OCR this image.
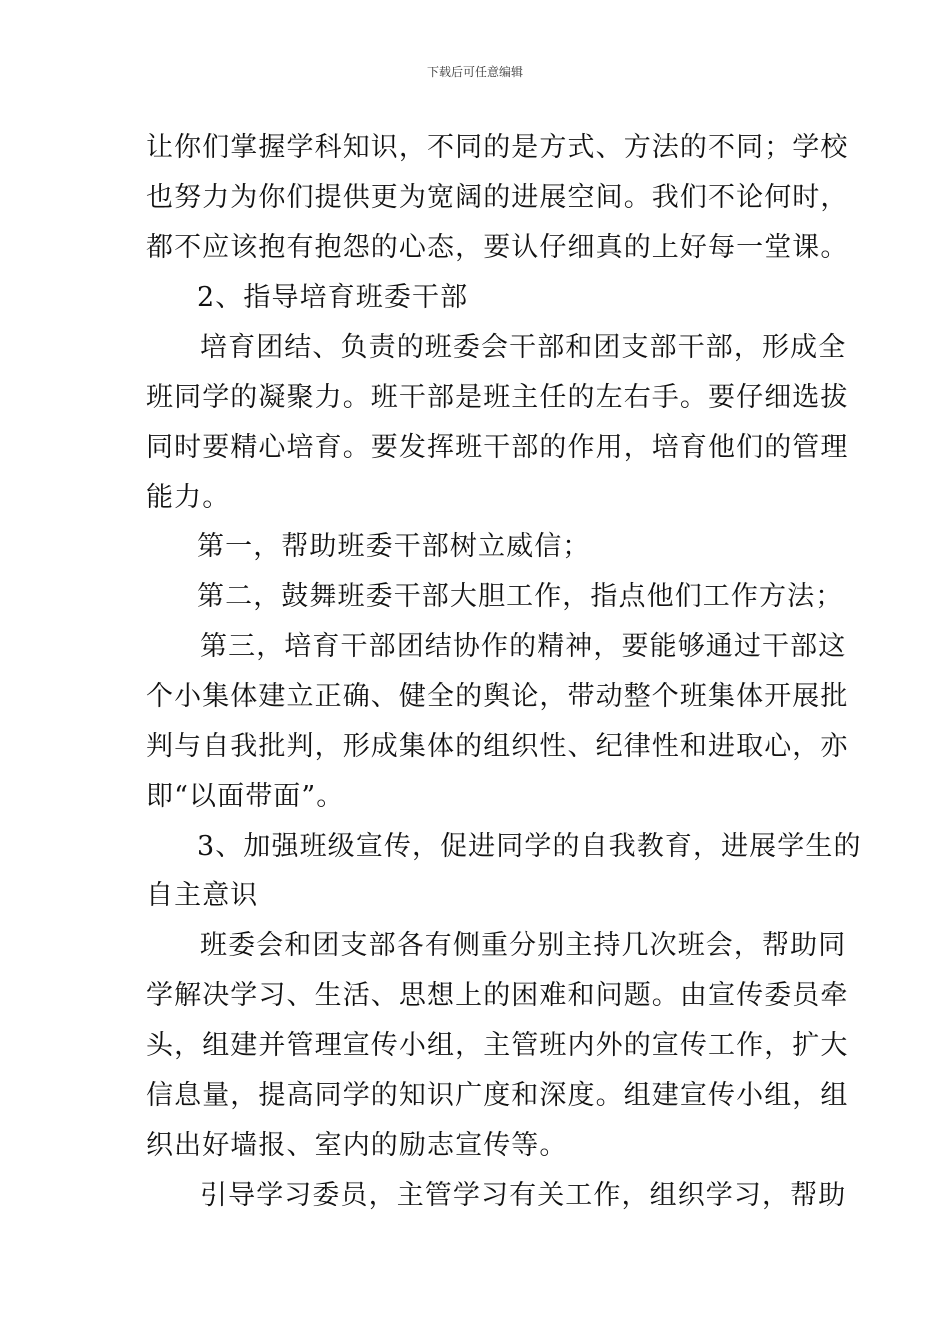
下载后可任意编辑
让你们掌握学科知识，不同的是方式、方法的不同；学校
也努力为你们提供更为宽阔的进展空间。我们不论何时，
都不应该抱有抱怨的心态，要认仔细真的上好每一堂课。
2、指导培育班委干部
培育团结、负责的班委会干部和团支部干部，形成全
班同学的凝聚力。班干部是班主任的左右手。要仔细选拔
同时要精心培育。要发挥班干部的作用，培育他们的管理
能力。
第一，帮助班委干部树立威信；
第二，鼓舞班委干部大胆工作，指点他们工作方法；
第三，培育干部团结协作的精神，要能够通过干部这
个小集体建立正确、健全的舆论，带动整个班集体开展批
判与自我批判，形成集体的组织性、纪律性和进取心，亦
即“以面带面”。
3、加强班级宣传，促进同学的自我教育，进展学生的
自主意识
班委会和团支部各有侧重分别主持几次班会，帮助同
学解决学习、生活、思想上的困难和问题。由宣传委员牵
头，组建并管理宣传小组，主管班内外的宣传工作，扩大
信息量，提高同学的知识广度和深度。组建宣传小组，组
织出好墙报、室内的励志宣传等。
引导学习委员，主管学习有关工作，组织学习，帮助
